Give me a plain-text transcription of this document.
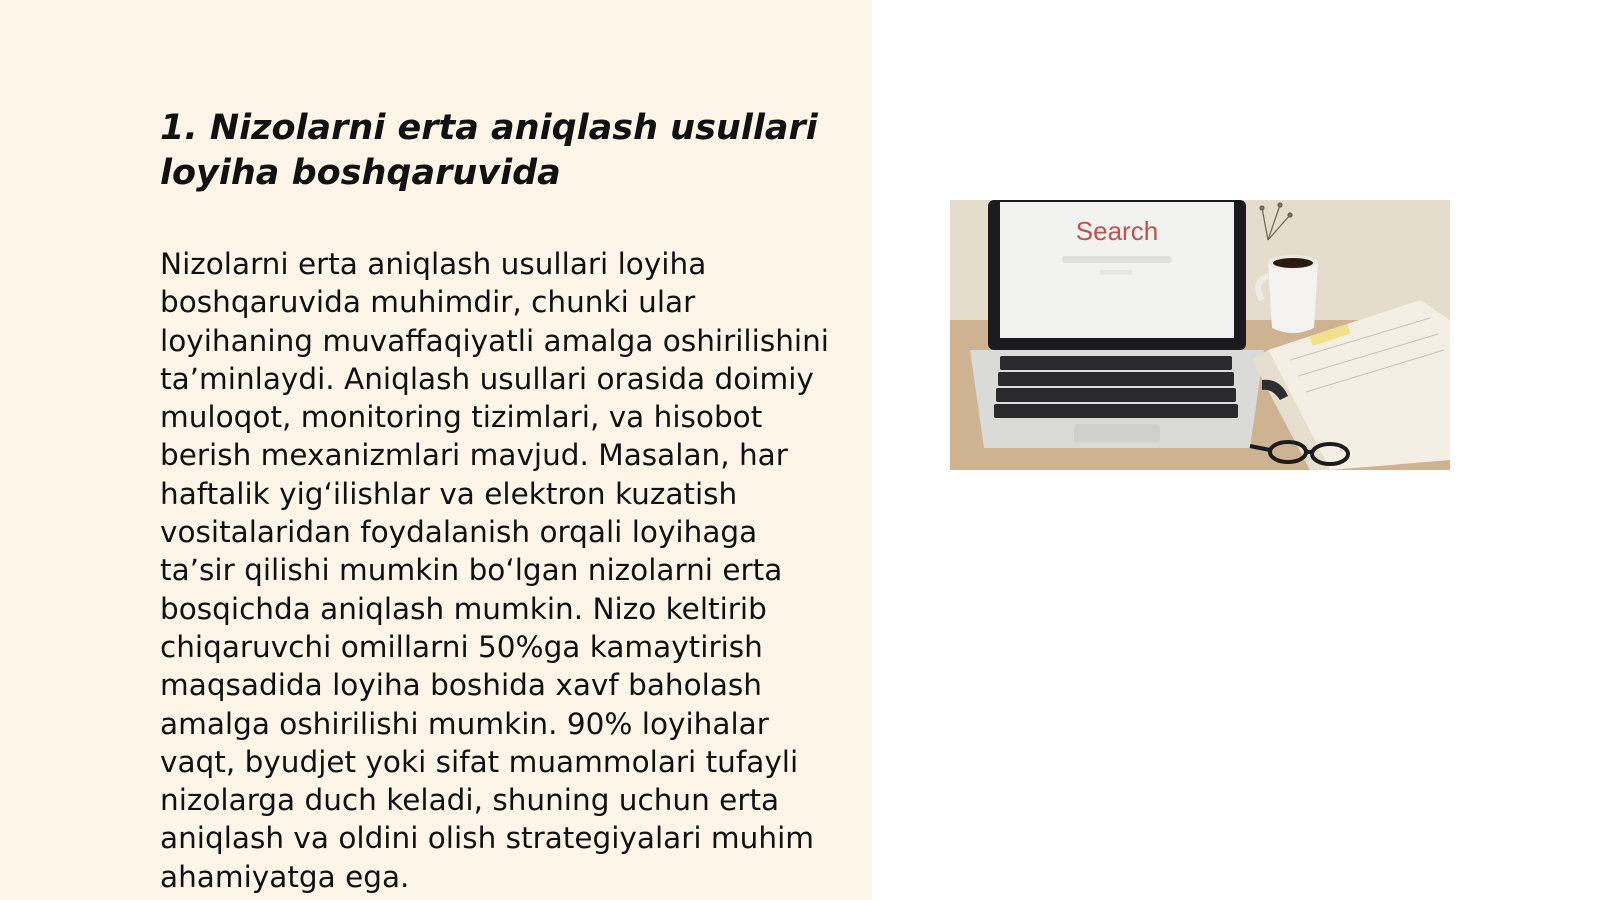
1. Nizolarni erta aniqlash usullari
loyiha boshqaruvida

Nizolarni erta aniqlash usullari loyiha
boshqaruvida muhimdir, chunki ular
loyihaning muvaffaqiyatli amalga oshirilishini
ta’minlaydi. Aniqlash usullari orasida doimiy
muloqot, monitoring tizimlari, va hisobot
berish mexanizmlari mavjud. Masalan, har
haftalik yig‘ilishlar va elektron kuzatish
vositalaridan foydalanish orqali loyihaga
ta’sir qilishi mumkin bo‘lgan nizolarni erta
bosqichda aniqlash mumkin. Nizo keltirib
chiqaruvchi omillarni 50%ga kamaytirish
maqsadida loyiha boshida xavf baholash
amalga oshirilishi mumkin. 90% loyihalar
vaqt, byudjet yoki sifat muammolari tufayli
nizolarga duch keladi, shuning uchun erta
aniqlash va oldini olish strategiyalari muhim
ahamiyatga ega.

Search
